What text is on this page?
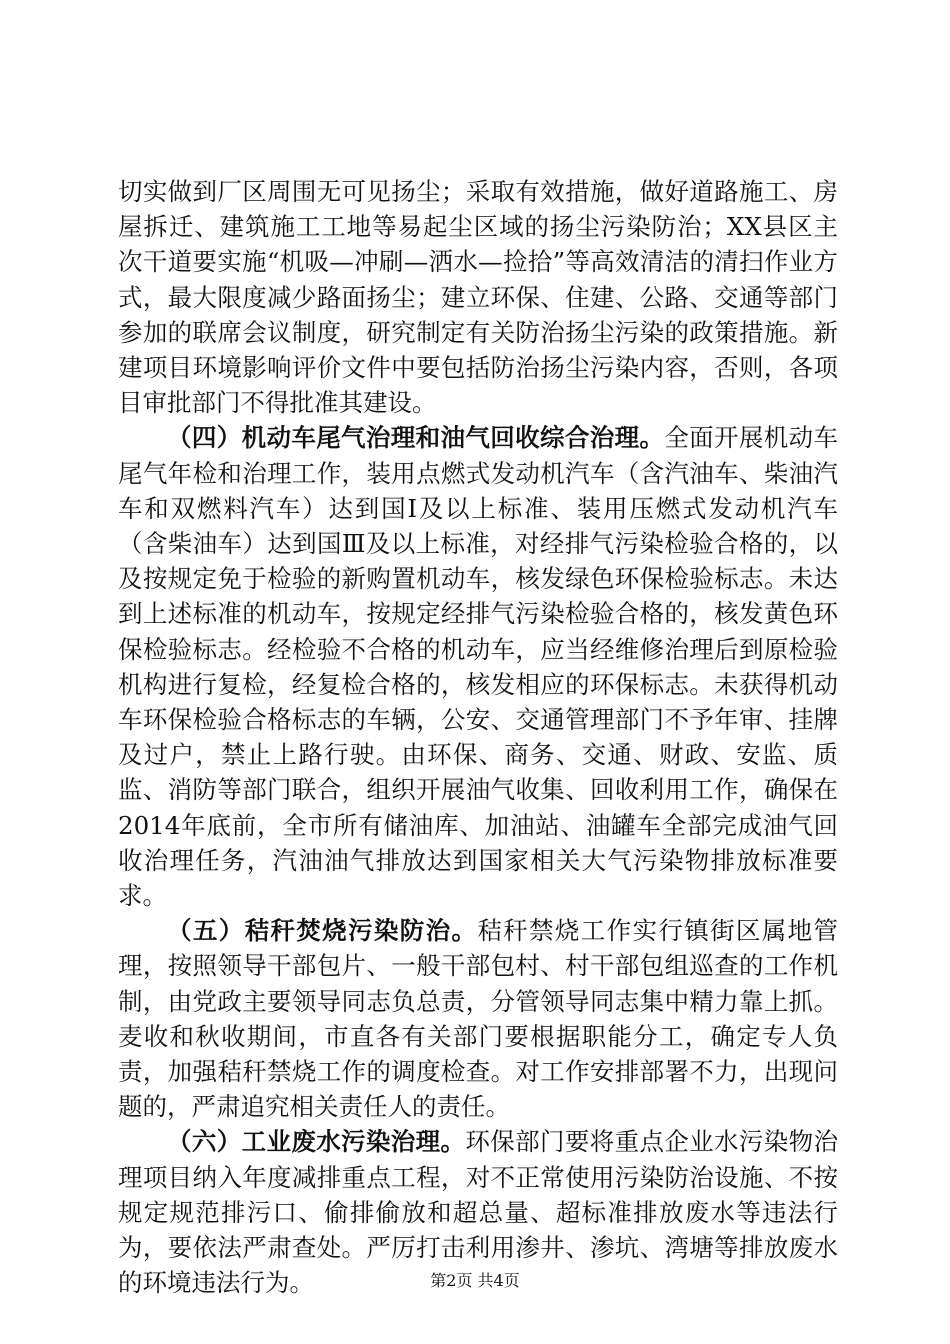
切实做到厂区周围无可见扬尘；采取有效措施，做好道路施工、房屋拆迁、建筑施工工地等易起尘区域的扬尘污染防治；XX县区主次干道要实施“机吸—冲刷—洒水—捡拾”等高效清洁的清扫作业方式，最大限度减少路面扬尘；建立环保、住建、公路、交通等部门参加的联席会议制度，研究制定有关防治扬尘污染的政策措施。新建项目环境影响评价文件中要包括防治扬尘污染内容，否则，各项目审批部门不得批准其建设。

（四）机动车尾气治理和油气回收综合治理。全面开展机动车尾气年检和治理工作，装用点燃式发动机汽车（含汽油车、柴油汽车和双燃料汽车）达到国Ⅰ及以上标准、装用压燃式发动机汽车（含柴油车）达到国Ⅲ及以上标准，对经排气污染检验合格的，以及按规定免于检验的新购置机动车，核发绿色环保检验标志。未达到上述标准的机动车，按规定经排气污染检验合格的，核发黄色环保检验标志。经检验不合格的机动车，应当经维修治理后到原检验机构进行复检，经复检合格的，核发相应的环保标志。未获得机动车环保检验合格标志的车辆，公安、交通管理部门不予年审、挂牌及过户，禁止上路行驶。由环保、商务、交通、财政、安监、质监、消防等部门联合，组织开展油气收集、回收利用工作，确保在2014年底前，全市所有储油库、加油站、油罐车全部完成油气回收治理任务，汽油油气排放达到国家相关大气污染物排放标准要求。

（五）秸秆焚烧污染防治。秸秆禁烧工作实行镇街区属地管理，按照领导干部包片、一般干部包村、村干部包组巡查的工作机制，由党政主要领导同志负总责，分管领导同志集中精力靠上抓。麦收和秋收期间，市直各有关部门要根据职能分工，确定专人负责，加强秸秆禁烧工作的调度检查。对工作安排部署不力，出现问题的，严肃追究相关责任人的责任。

（六）工业废水污染治理。环保部门要将重点企业水污染物治理项目纳入年度减排重点工程，对不正常使用污染防治设施、不按规定规范排污口、偷排偷放和超总量、超标准排放废水等违法行为，要依法严肃查处。严厉打击利用渗井、渗坑、湾塘等排放废水的环境违法行为。	第2页 共4页
